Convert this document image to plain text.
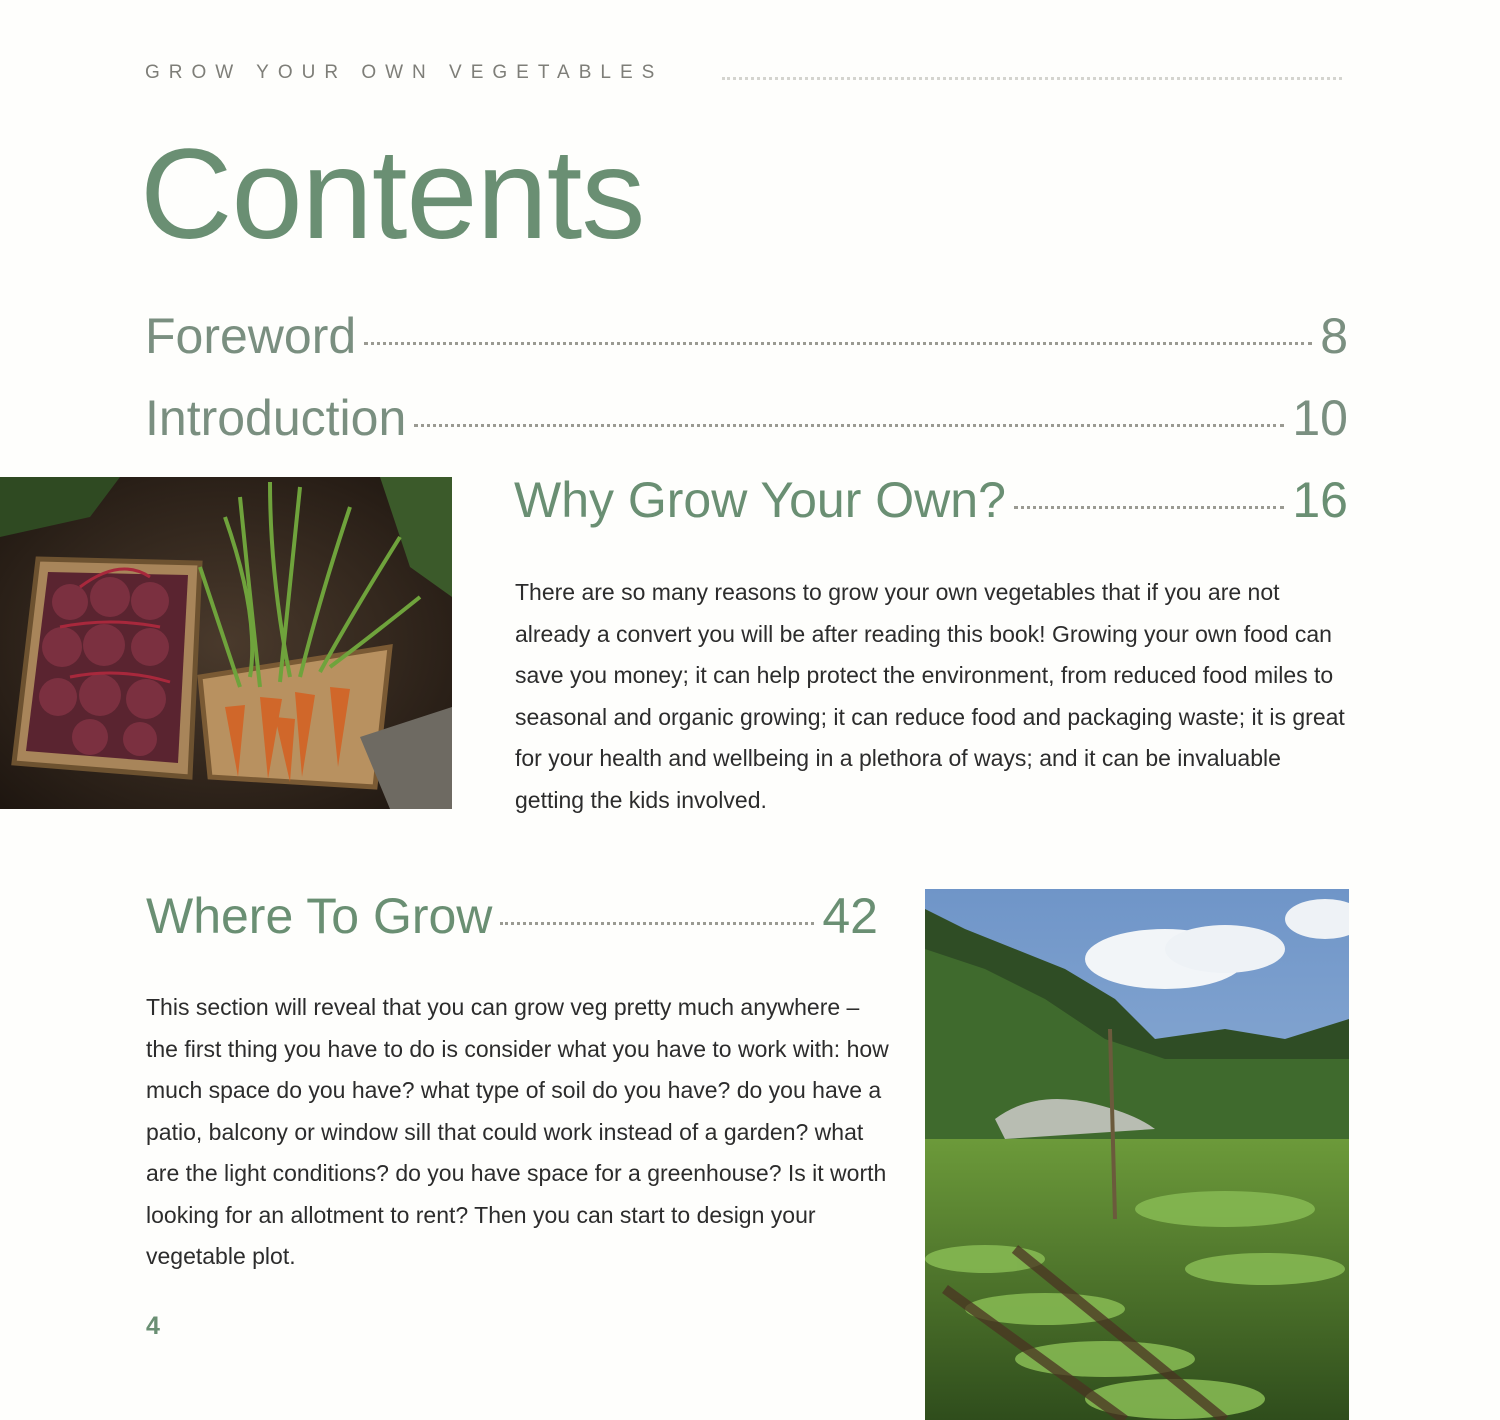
GROW YOUR OWN VEGETABLES
Contents
Foreword	8
Introduction	10
Why Grow Your Own?	16

There are so many reasons to grow your own vegetables that if you are not already a convert you will be after reading this book! Growing your own food can save you money; it can help protect the environment, from reduced food miles to seasonal and organic growing; it can reduce food and packaging waste; it is great for your health and wellbeing in a plethora of ways; and it can be invaluable getting the kids involved.

Where To Grow	42

This section will reveal that you can grow veg pretty much anywhere – the first thing you have to do is consider what you have to work with: how much space do you have? what type of soil do you have? do you have a patio, balcony or window sill that could work instead of a garden? what are the light conditions? do you have space for a greenhouse? Is it worth looking for an allotment to rent? Then you can start to design your vegetable plot.

4
